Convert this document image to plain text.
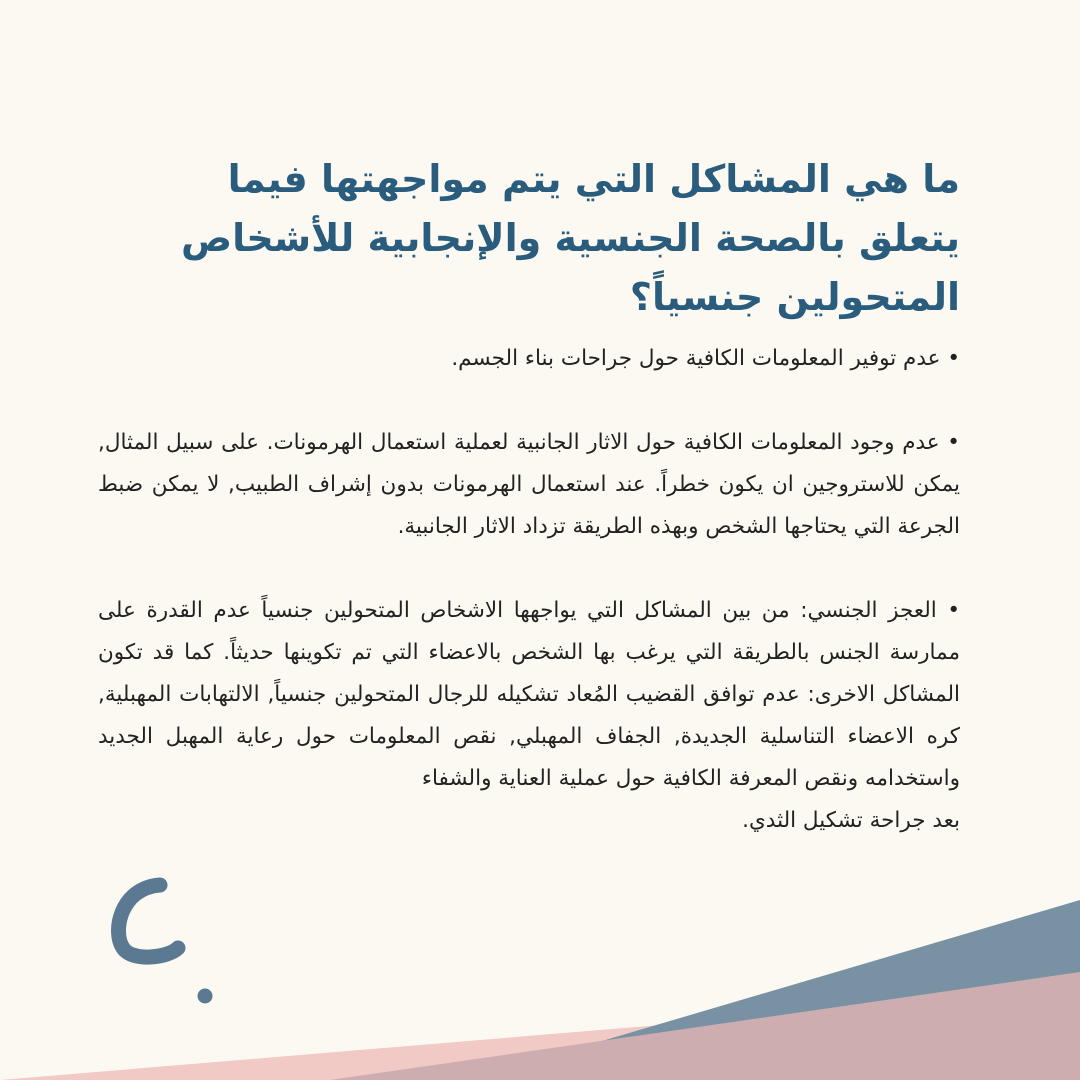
ما هي المشاكل التي يتم مواجهتها فيما يتعلق بالصحة الجنسية والإنجابية للأشخاص المتحولين جنسياً؟

• عدم توفير المعلومات الكافية حول جراحات بناء الجسم.

• عدم وجود المعلومات الكافية حول الاثار الجانبية لعملية استعمال الهرمونات. على سبيل المثال, يمكن للاستروجين ان يكون خطراً. عند استعمال الهرمونات بدون إشراف الطبيب, لا يمكن ضبط الجرعة التي يحتاجها الشخص وبهذه الطريقة تزداد الاثار الجانبية.

• العجز الجنسي: من بين المشاكل التي يواجهها الاشخاص المتحولين جنسياً عدم القدرة على ممارسة الجنس بالطريقة التي يرغب بها الشخص بالاعضاء التي تم تكوينها حديثاً. كما قد تكون المشاكل الاخرى: عدم توافق القضيب المُعاد تشكيله للرجال المتحولين جنسياً, الالتهابات المهبلية, كره الاعضاء التناسلية الجديدة, الجفاف المهبلي, نقص المعلومات حول رعاية المهبل الجديد واستخدامه ونقص المعرفة الكافية حول عملية العناية والشفاء
بعد جراحة تشكيل الثدي.
